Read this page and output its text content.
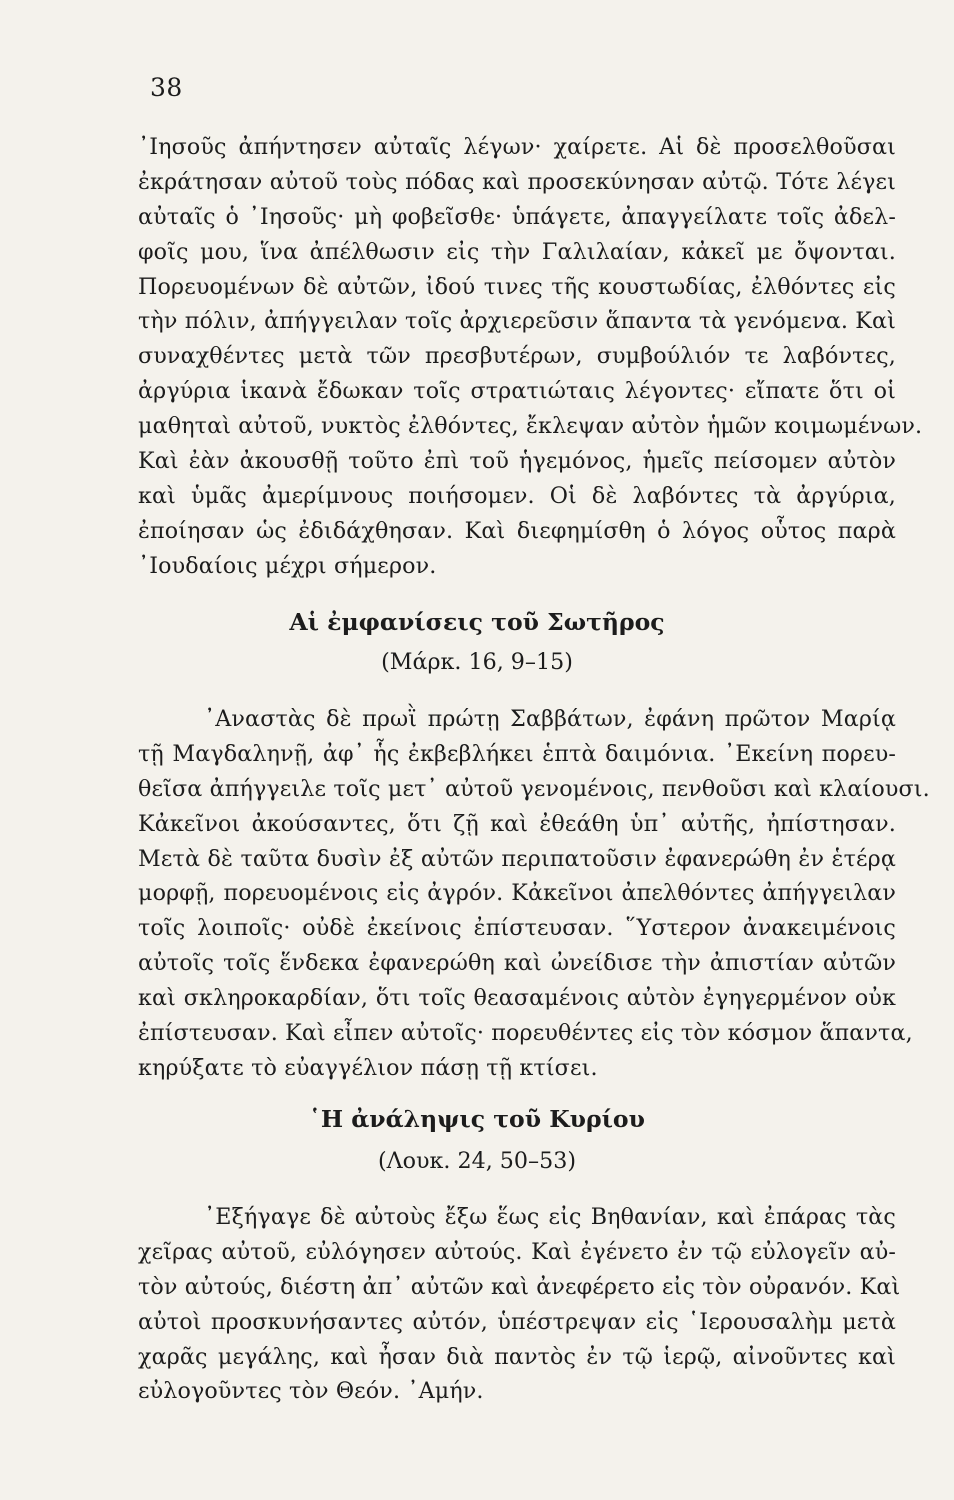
38
᾿Ιησοῦς ἀπήντησεν αὐταῖς λέγων· χαίρετε. Αἱ δὲ προσελθοῦσαι
ἐκράτησαν αὐτοῦ τοὺς πόδας καὶ προσεκύνησαν αὐτῷ. Τότε λέγει
αὐταῖς ὁ ᾿Ιησοῦς· μὴ φοβεῖσθε· ὑπάγετε, ἀπαγγείλατε τοῖς ἀδελ-
φοῖς μου, ἵνα ἀπέλθωσιν εἰς τὴν Γαλιλαίαν, κἀκεῖ με ὄψονται.
Πορευομένων δὲ αὐτῶν, ἰδού τινες τῆς κουστωδίας, ἐλθόντες εἰς
τὴν πόλιν, ἀπήγγειλαν τοῖς ἀρχιερεῦσιν ἅπαντα τὰ γενόμενα. Καὶ
συναχθέντες μετὰ τῶν πρεσβυτέρων, συμβούλιόν τε λαβόντες,
ἀργύρια ἱκανὰ ἔδωκαν τοῖς στρατιώταις λέγοντες· εἴπατε ὅτι οἱ
μαθηταὶ αὐτοῦ, νυκτὸς ἐλθόντες, ἔκλεψαν αὐτὸν ἡμῶν κοιμωμένων.
Καὶ ἐὰν ἀκουσθῇ τοῦτο ἐπὶ τοῦ ἡγεμόνος, ἡμεῖς πείσομεν αὐτὸν
καὶ ὑμᾶς ἀμερίμνους ποιήσομεν. Οἱ δὲ λαβόντες τὰ ἀργύρια,
ἐποίησαν ὡς ἐδιδάχθησαν. Καὶ διεφημίσθη ὁ λόγος οὗτος παρὰ
᾿Ιουδαίοις μέχρι σήμερον.
Αἱ ἐμφανίσεις τοῦ Σωτῆρος
(Μάρκ. 16, 9–15)
᾿Αναστὰς δὲ πρωῒ πρώτῃ Σαββάτων, ἐφάνη πρῶτον Μαρίᾳ
τῇ Μαγδαληνῇ, ἀφ᾿ ἧς ἐκβεβλήκει ἑπτὰ δαιμόνια. ᾿Εκείνη πορευ-
θεῖσα ἀπήγγειλε τοῖς μετ᾿ αὐτοῦ γενομένοις, πενθοῦσι καὶ κλαίουσι.
Κἀκεῖνοι ἀκούσαντες, ὅτι ζῇ καὶ ἐθεάθη ὑπ᾿ αὐτῆς, ἠπίστησαν.
Μετὰ δὲ ταῦτα δυσὶν ἐξ αὐτῶν περιπατοῦσιν ἐφανερώθη ἐν ἑτέρᾳ
μορφῇ, πορευομένοις εἰς ἀγρόν. Κἀκεῖνοι ἀπελθόντες ἀπήγγειλαν
τοῖς λοιποῖς· οὐδὲ ἐκείνοις ἐπίστευσαν. ῞Υστερον ἀνακειμένοις
αὐτοῖς τοῖς ἕνδεκα ἐφανερώθη καὶ ὠνείδισε τὴν ἀπιστίαν αὐτῶν
καὶ σκληροκαρδίαν, ὅτι τοῖς θεασαμένοις αὐτὸν ἐγηγερμένον οὐκ
ἐπίστευσαν. Καὶ εἶπεν αὐτοῖς· πορευθέντες εἰς τὸν κόσμον ἅπαντα,
κηρύξατε τὸ εὐαγγέλιον πάσῃ τῇ κτίσει.
῾Η ἀνάληψις τοῦ Κυρίου
(Λουκ. 24, 50–53)
᾿Εξήγαγε δὲ αὐτοὺς ἔξω ἕως εἰς Βηθανίαν, καὶ ἐπάρας τὰς
χεῖρας αὐτοῦ, εὐλόγησεν αὐτούς. Καὶ ἐγένετο ἐν τῷ εὐλογεῖν αὐ-
τὸν αὐτούς, διέστη ἀπ᾿ αὐτῶν καὶ ἀνεφέρετο εἰς τὸν οὐρανόν. Καὶ
αὐτοὶ προσκυνήσαντες αὐτόν, ὑπέστρεψαν εἰς ῾Ιερουσαλὴμ μετὰ
χαρᾶς μεγάλης, καὶ ἦσαν διὰ παντὸς ἐν τῷ ἱερῷ, αἰνοῦντες καὶ
εὐλογοῦντες τὸν Θεόν. ᾿Αμήν.
